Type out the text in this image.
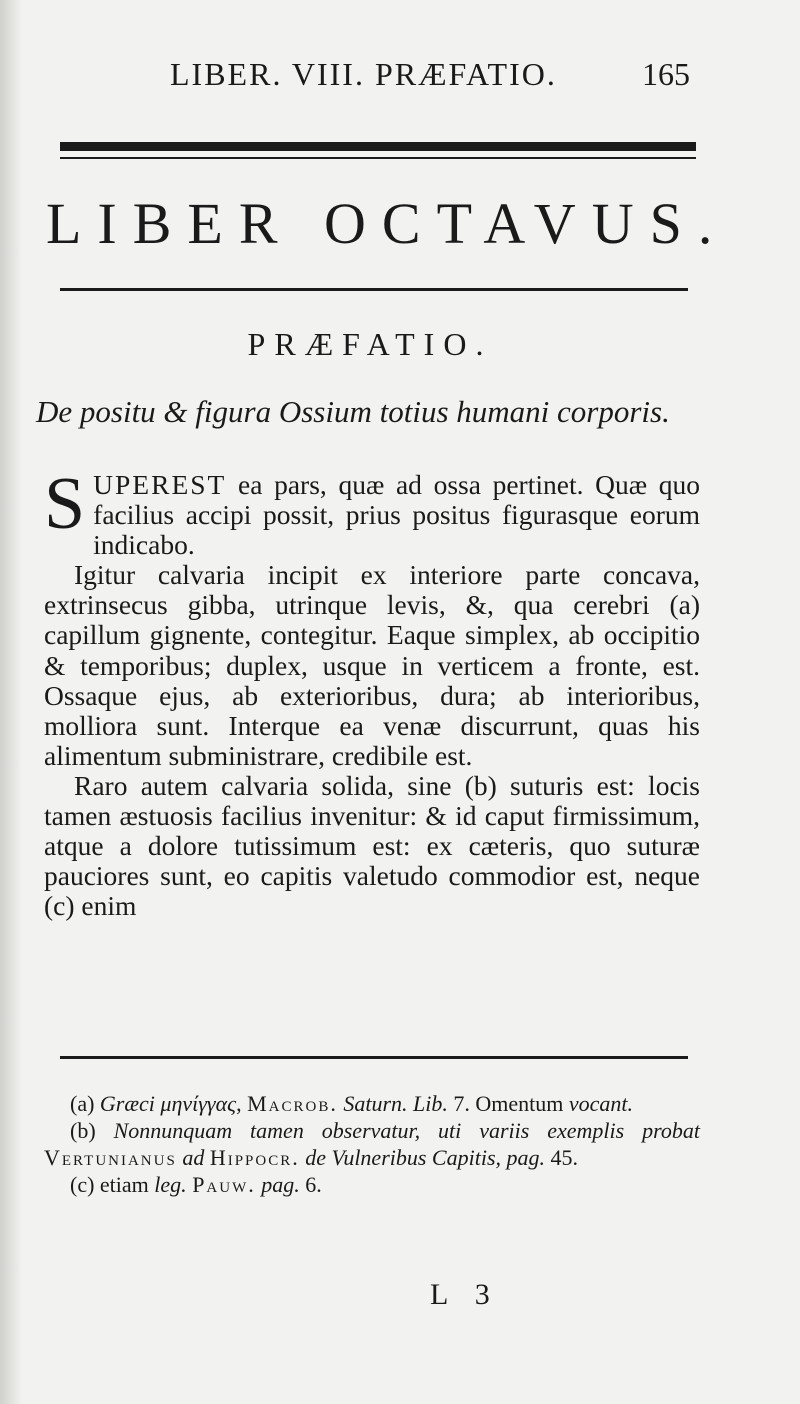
LIBER. VIII. PRÆFATIO.	165
LIBER OCTAVUS.
PRÆFATIO.
De positu & figura Ossium totius humani corporis.

SUPEREST ea pars, quæ ad ossa pertinet. Quæ quo facilius accipi possit, prius positus figurasque eorum indicabo.

Igitur calvaria incipit ex interiore parte concava, extrinsecus gibba, utrinque levis, &, qua cerebri (a) capillum gignente, contegitur. Eaque simplex, ab occipitio & temporibus; duplex, usque in verticem a fronte, est. Ossaque ejus, ab exterioribus, dura; ab interioribus, molliora sunt. Interque ea venæ discurrunt, quas his alimentum subministrare, credibile est.

Raro autem calvaria solida, sine (b) suturis est: locis tamen æstuosis facilius invenitur: & id caput firmissimum, atque a dolore tutissimum est: ex cæteris, quo suturæ pauciores sunt, eo capitis valetudo commodior est, neque (c) enim

(a) Græci μηνίγγας, Macrob. Saturn. Lib. 7. Omentum vocant.

(b) Nonnunquam tamen observatur, uti variis exemplis probat Vertunianus ad Hippocr. de Vulneribus Capitis, pag. 45.

(c) etiam leg. Pauw. pag. 6.

L 3
